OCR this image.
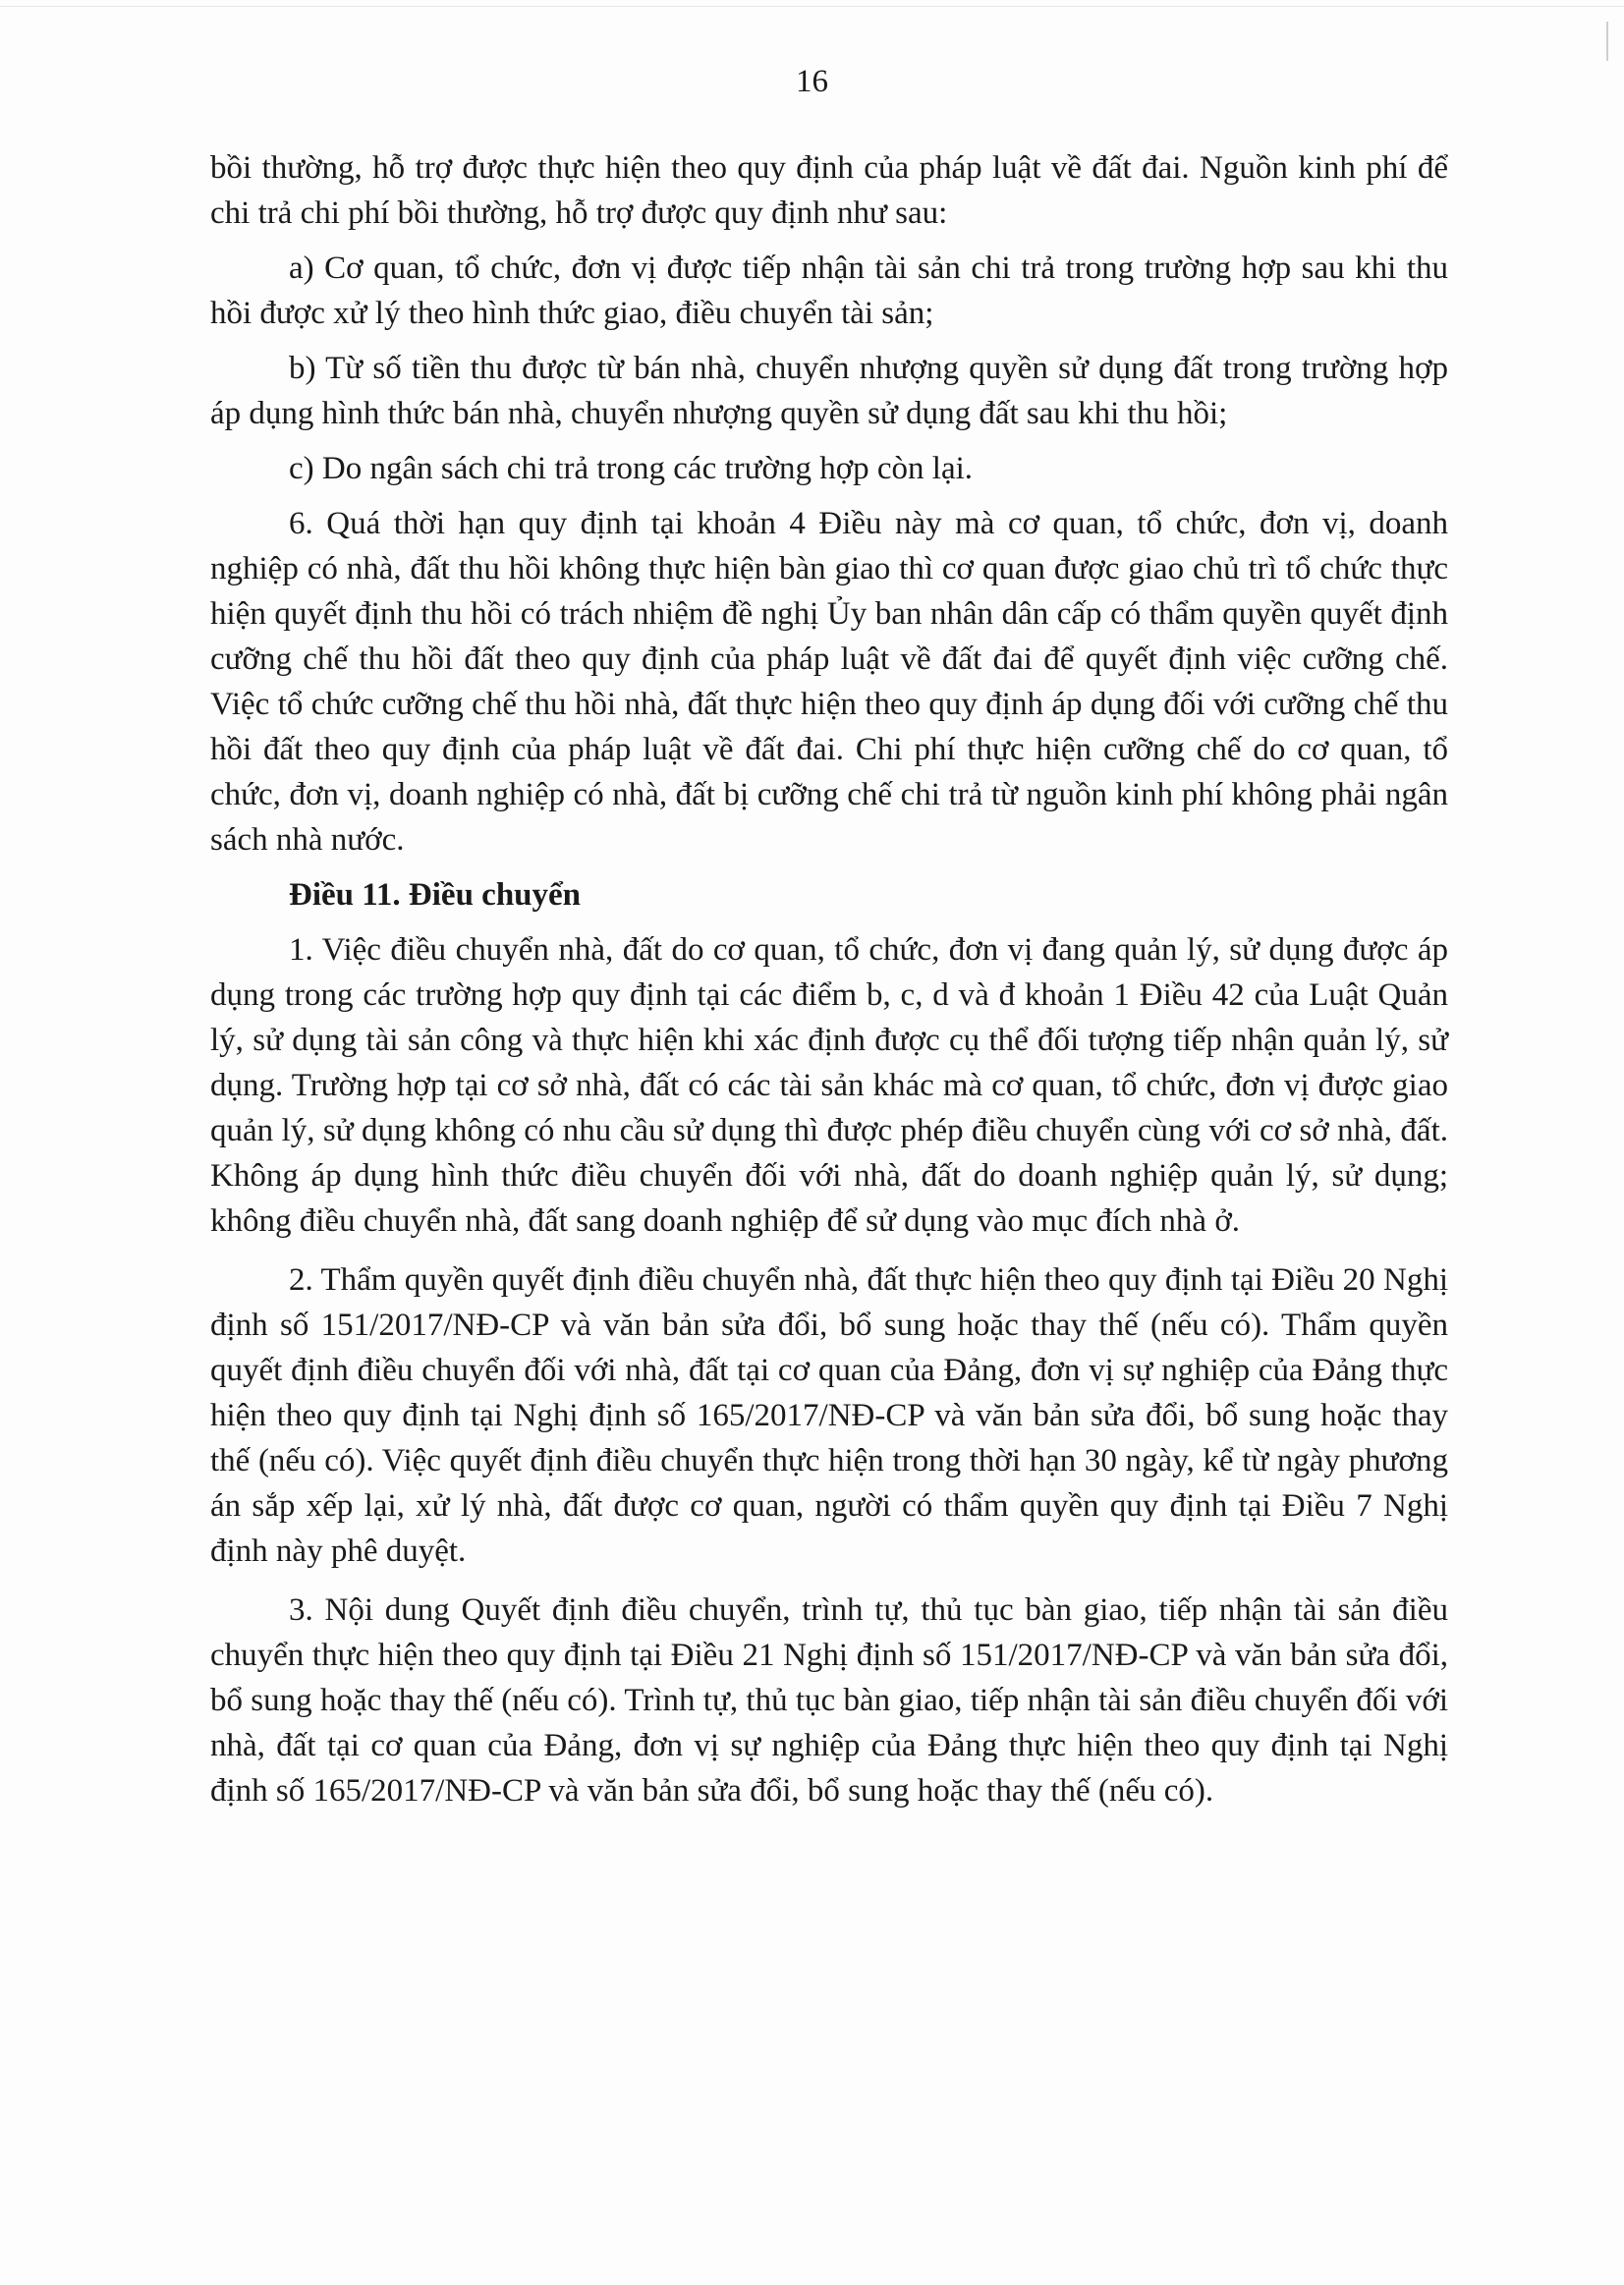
16

bồi thường, hỗ trợ được thực hiện theo quy định của pháp luật về đất đai. Nguồn kinh phí để chi trả chi phí bồi thường, hỗ trợ được quy định như sau:

a) Cơ quan, tổ chức, đơn vị được tiếp nhận tài sản chi trả trong trường hợp sau khi thu hồi được xử lý theo hình thức giao, điều chuyển tài sản;

b) Từ số tiền thu được từ bán nhà, chuyển nhượng quyền sử dụng đất trong trường hợp áp dụng hình thức bán nhà, chuyển nhượng quyền sử dụng đất sau khi thu hồi;

c) Do ngân sách chi trả trong các trường hợp còn lại.

6. Quá thời hạn quy định tại khoản 4 Điều này mà cơ quan, tổ chức, đơn vị, doanh nghiệp có nhà, đất thu hồi không thực hiện bàn giao thì cơ quan được giao chủ trì tổ chức thực hiện quyết định thu hồi có trách nhiệm đề nghị Ủy ban nhân dân cấp có thẩm quyền quyết định cưỡng chế thu hồi đất theo quy định của pháp luật về đất đai để quyết định việc cưỡng chế. Việc tổ chức cưỡng chế thu hồi nhà, đất thực hiện theo quy định áp dụng đối với cưỡng chế thu hồi đất theo quy định của pháp luật về đất đai. Chi phí thực hiện cưỡng chế do cơ quan, tổ chức, đơn vị, doanh nghiệp có nhà, đất bị cưỡng chế chi trả từ nguồn kinh phí không phải ngân sách nhà nước.

Điều 11. Điều chuyển

1. Việc điều chuyển nhà, đất do cơ quan, tổ chức, đơn vị đang quản lý, sử dụng được áp dụng trong các trường hợp quy định tại các điểm b, c, d và đ khoản 1 Điều 42 của Luật Quản lý, sử dụng tài sản công và thực hiện khi xác định được cụ thể đối tượng tiếp nhận quản lý, sử dụng. Trường hợp tại cơ sở nhà, đất có các tài sản khác mà cơ quan, tổ chức, đơn vị được giao quản lý, sử dụng không có nhu cầu sử dụng thì được phép điều chuyển cùng với cơ sở nhà, đất. Không áp dụng hình thức điều chuyển đối với nhà, đất do doanh nghiệp quản lý, sử dụng; không điều chuyển nhà, đất sang doanh nghiệp để sử dụng vào mục đích nhà ở.

2. Thẩm quyền quyết định điều chuyển nhà, đất thực hiện theo quy định tại Điều 20 Nghị định số 151/2017/NĐ-CP và văn bản sửa đổi, bổ sung hoặc thay thế (nếu có). Thẩm quyền quyết định điều chuyển đối với nhà, đất tại cơ quan của Đảng, đơn vị sự nghiệp của Đảng thực hiện theo quy định tại Nghị định số 165/2017/NĐ-CP và văn bản sửa đổi, bổ sung hoặc thay thế (nếu có). Việc quyết định điều chuyển thực hiện trong thời hạn 30 ngày, kể từ ngày phương án sắp xếp lại, xử lý nhà, đất được cơ quan, người có thẩm quyền quy định tại Điều 7 Nghị định này phê duyệt.

3. Nội dung Quyết định điều chuyển, trình tự, thủ tục bàn giao, tiếp nhận tài sản điều chuyển thực hiện theo quy định tại Điều 21 Nghị định số 151/2017/NĐ-CP và văn bản sửa đổi, bổ sung hoặc thay thế (nếu có). Trình tự, thủ tục bàn giao, tiếp nhận tài sản điều chuyển đối với nhà, đất tại cơ quan của Đảng, đơn vị sự nghiệp của Đảng thực hiện theo quy định tại Nghị định số 165/2017/NĐ-CP và văn bản sửa đổi, bổ sung hoặc thay thế (nếu có).
